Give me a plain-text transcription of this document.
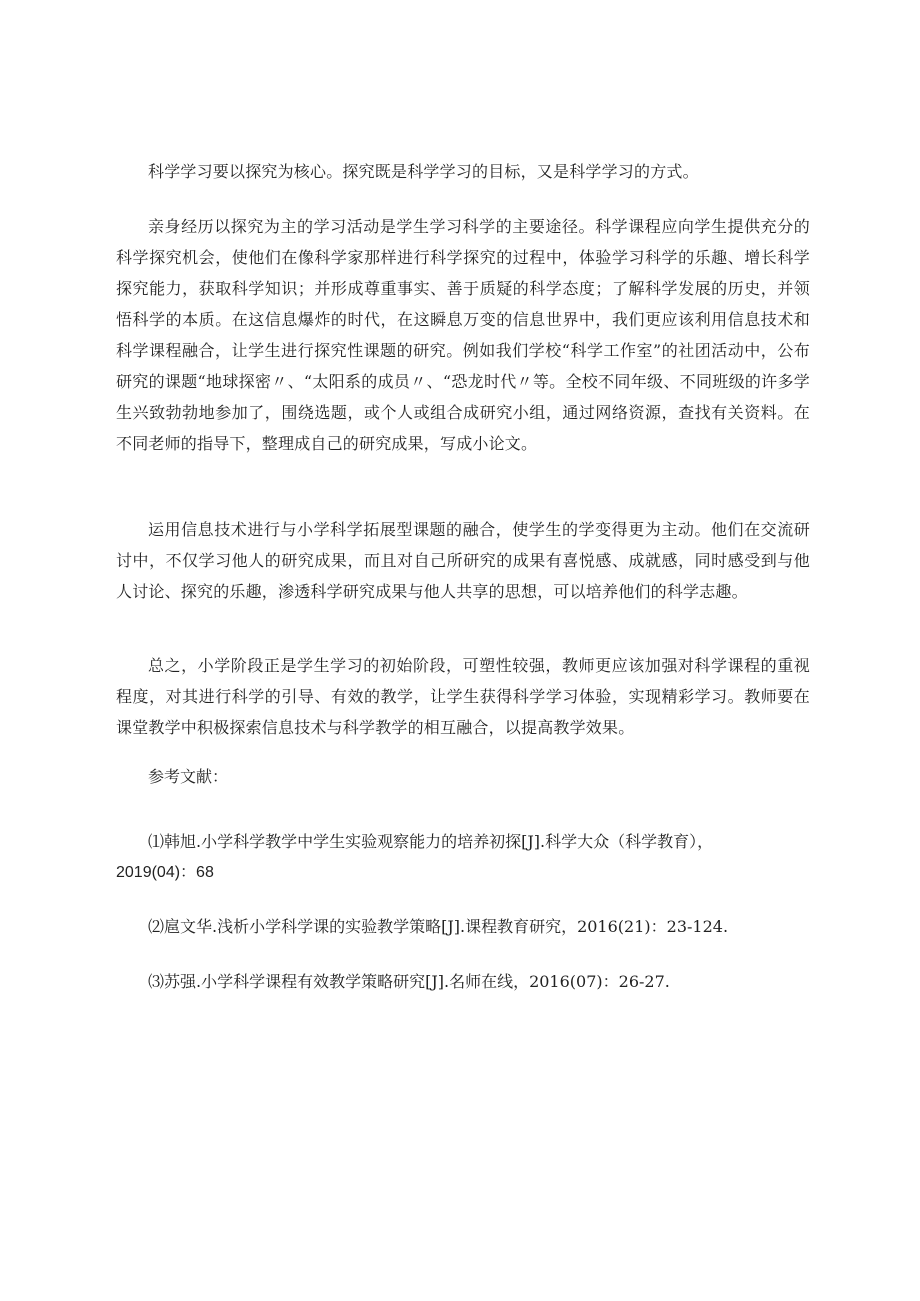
科学学习要以探究为核心。探究既是科学学习的目标，又是科学学习的方式。

亲身经历以探究为主的学习活动是学生学习科学的主要途径。科学课程应向学生提供充分的科学探究机会，使他们在像科学家那样进行科学探究的过程中，体验学习科学的乐趣、增长科学探究能力，获取科学知识；并形成尊重事实、善于质疑的科学态度；了解科学发展的历史，并领悟科学的本质。在这信息爆炸的时代，在这瞬息万变的信息世界中，我们更应该利用信息技术和科学课程融合，让学生进行探究性课题的研究。例如我们学校“科学工作室”的社团活动中，公布研究的课题“地球探密〃、“太阳系的成员〃、“恐龙时代〃等。全校不同年级、不同班级的许多学生兴致勃勃地参加了，围绕选题，或个人或组合成研究小组，通过网络资源，查找有关资料。在不同老师的指导下，整理成自己的研究成果，写成小论文。

运用信息技术进行与小学科学拓展型课题的融合，使学生的学变得更为主动。他们在交流研讨中，不仅学习他人的研究成果，而且对自己所研究的成果有喜悦感、成就感，同时感受到与他人讨论、探究的乐趣，渗透科学研究成果与他人共享的思想，可以培养他们的科学志趣。

总之，小学阶段正是学生学习的初始阶段，可塑性较强，教师更应该加强对科学课程的重视程度，对其进行科学的引导、有效的教学，让学生获得科学学习体验，实现精彩学习。教师要在课堂教学中积极探索信息技术与科学教学的相互融合，以提高教学效果。

参考文献：

⑴韩旭.小学科学教学中学生实验观察能力的培养初探[J].科学大众（科学教育），
2019(04)：68

⑵扈文华.浅析小学科学课的实验教学策略[J].课程教育研究，2016(21)：23-124.

⑶苏强.小学科学课程有效教学策略研究[J].名师在线，2016(07)：26-27.
